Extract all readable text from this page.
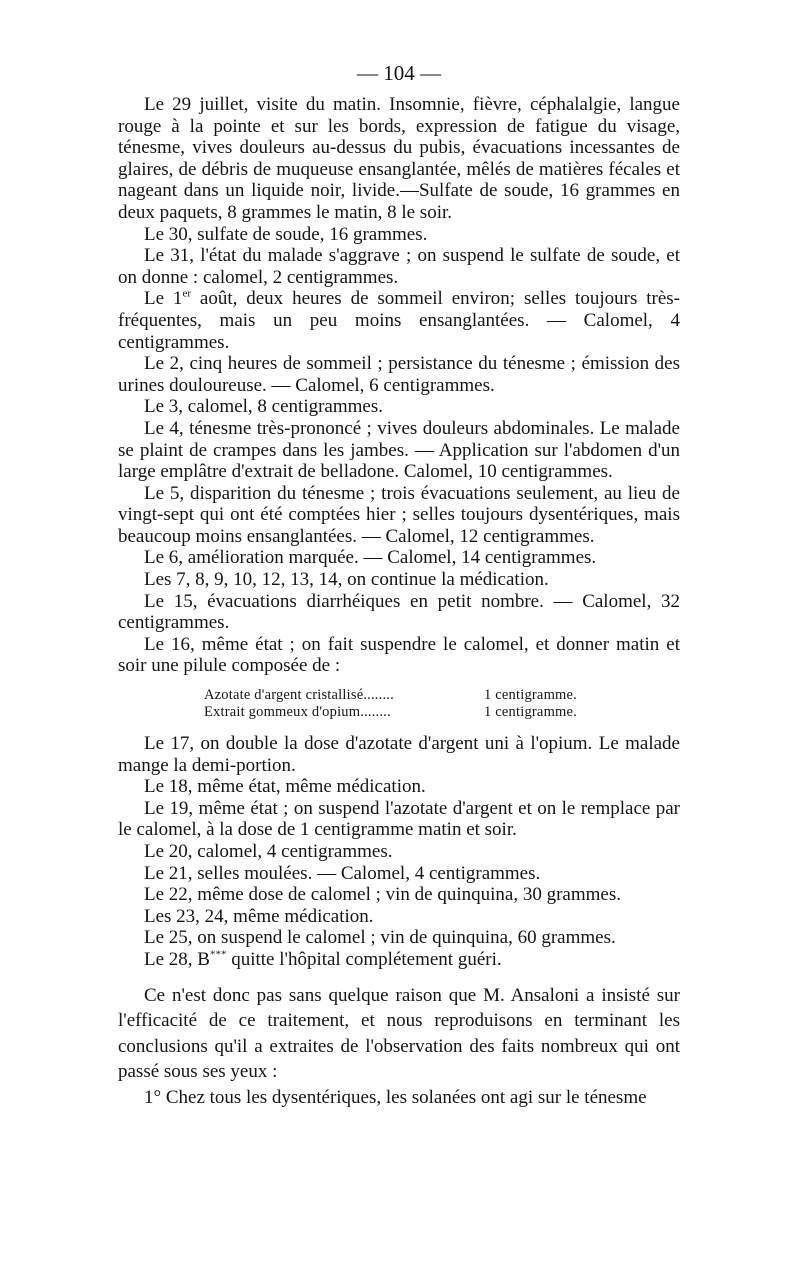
— 104 —

Le 29 juillet, visite du matin. Insomnie, fièvre, céphalalgie, langue rouge à la pointe et sur les bords, expression de fatigue du visage, ténesme, vives douleurs au-dessus du pubis, évacuations incessantes de glaires, de débris de muqueuse ensanglantée, mêlés de matières fécales et nageant dans un liquide noir, livide.—Sulfate de soude, 16 grammes en deux paquets, 8 grammes le matin, 8 le soir.

Le 30, sulfate de soude, 16 grammes.

Le 31, l'état du malade s'aggrave ; on suspend le sulfate de soude, et on donne : calomel, 2 centigrammes.

Le 1er août, deux heures de sommeil environ; selles toujours très-fréquentes, mais un peu moins ensanglantées. — Calomel, 4 centigrammes.

Le 2, cinq heures de sommeil ; persistance du ténesme ; émission des urines douloureuse. — Calomel, 6 centigrammes.

Le 3, calomel, 8 centigrammes.

Le 4, ténesme très-prononcé ; vives douleurs abdominales. Le malade se plaint de crampes dans les jambes. — Application sur l'abdomen d'un large emplâtre d'extrait de belladone. Calomel, 10 centigrammes.

Le 5, disparition du ténesme ; trois évacuations seulement, au lieu de vingt-sept qui ont été comptées hier ; selles toujours dysentériques, mais beaucoup moins ensanglantées. — Calomel, 12 centigrammes.

Le 6, amélioration marquée. — Calomel, 14 centigrammes.

Les 7, 8, 9, 10, 12, 13, 14, on continue la médication.

Le 15, évacuations diarrhéiques en petit nombre. — Calomel, 32 centigrammes.

Le 16, même état ; on fait suspendre le calomel, et donner matin et soir une pilule composée de :

Azotate d'argent cristallisé........	1 centigramme.
Extrait gommeux d'opium........	1 centigramme.

Le 17, on double la dose d'azotate d'argent uni à l'opium. Le malade mange la demi-portion.

Le 18, même état, même médication.

Le 19, même état ; on suspend l'azotate d'argent et on le remplace par le calomel, à la dose de 1 centigramme matin et soir.

Le 20, calomel, 4 centigrammes.

Le 21, selles moulées. — Calomel, 4 centigrammes.

Le 22, même dose de calomel ; vin de quinquina, 30 grammes.

Les 23, 24, même médication.

Le 25, on suspend le calomel ; vin de quinquina, 60 grammes.

Le 28, B*** quitte l'hôpital complétement guéri.

Ce n'est donc pas sans quelque raison que M. Ansaloni a insisté sur l'efficacité de ce traitement, et nous reproduisons en terminant les conclusions qu'il a extraites de l'observation des faits nombreux qui ont passé sous ses yeux :

1° Chez tous les dysentériques, les solanées ont agi sur le ténesme
